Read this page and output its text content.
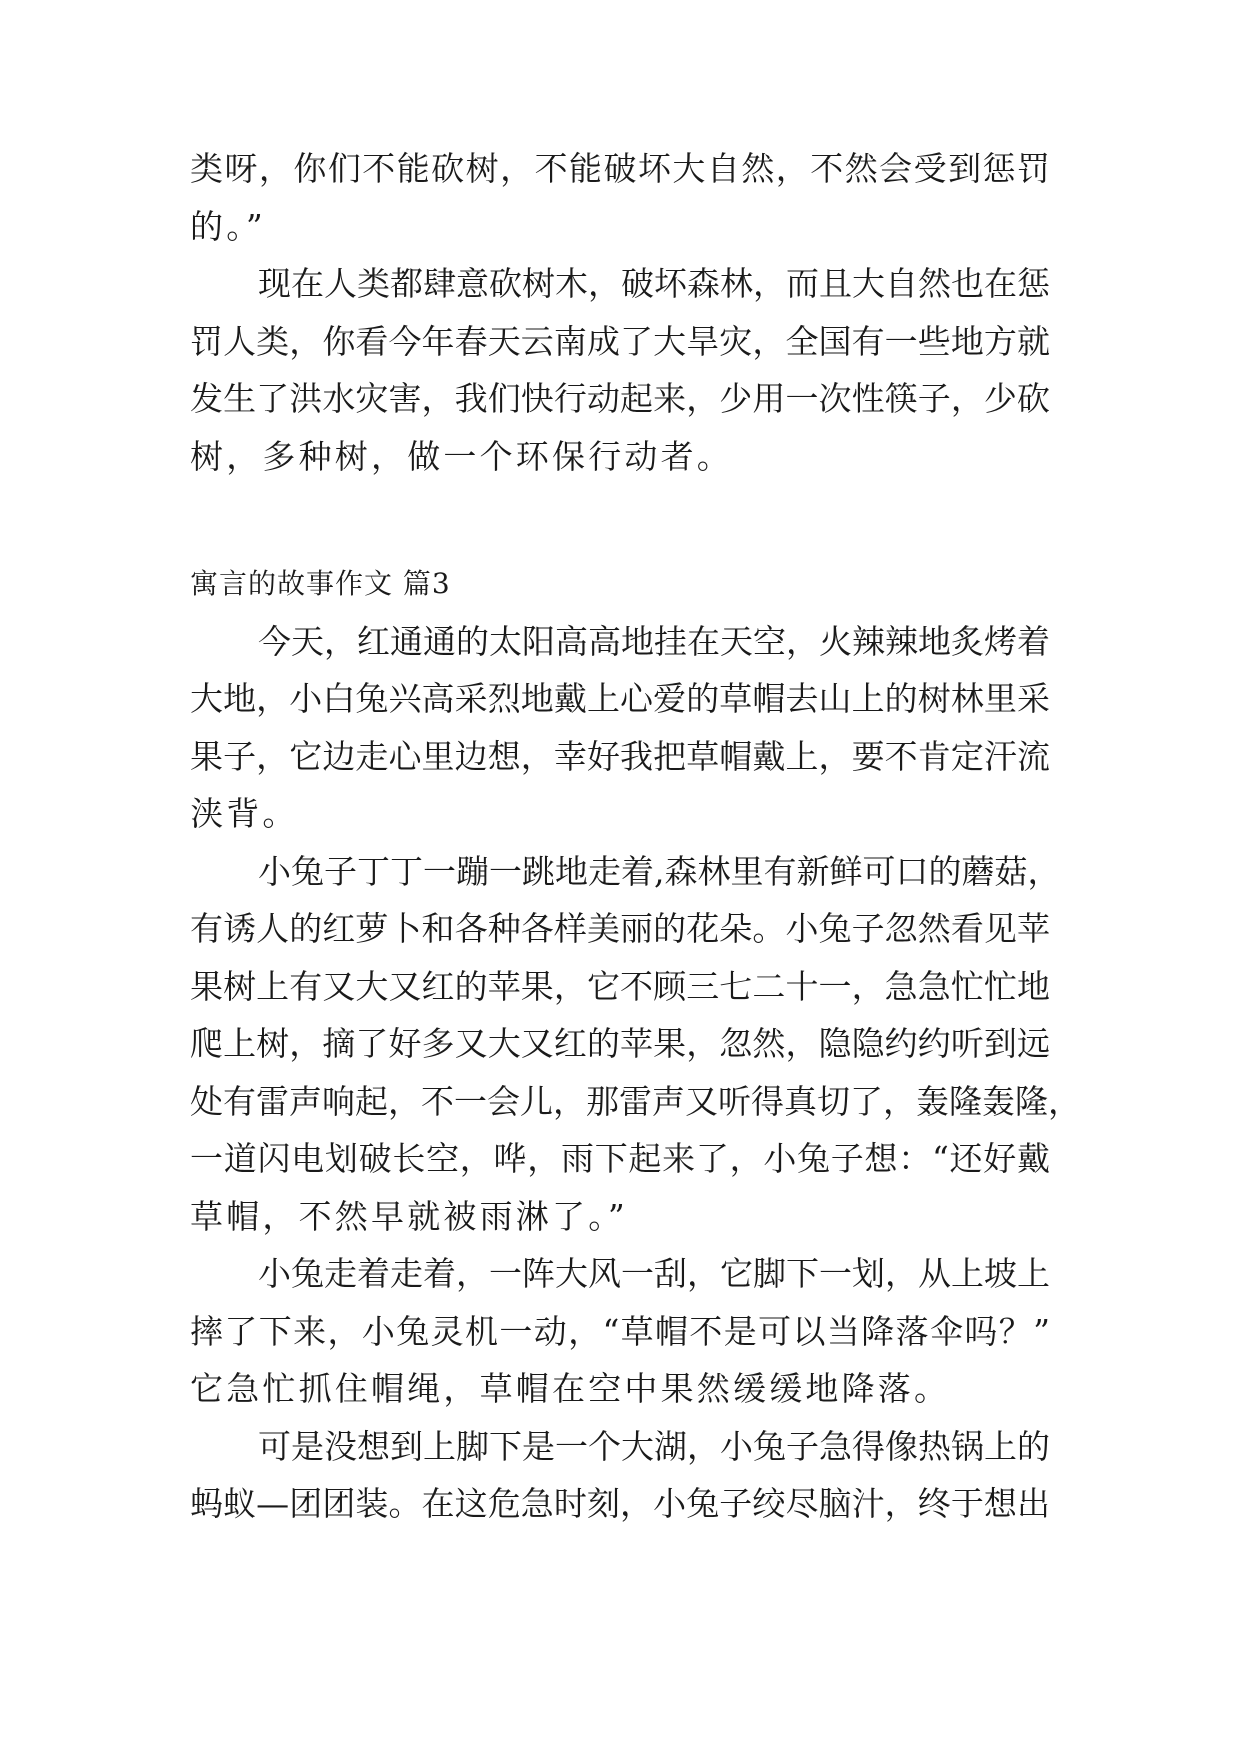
类呀，你们不能砍树，不能破坏大自然，不然会受到惩罚
的。”
现在人类都肆意砍树木，破坏森林，而且大自然也在惩
罚人类，你看今年春天云南成了大旱灾，全国有一些地方就
发生了洪水灾害，我们快行动起来，少用一次性筷子，少砍
树，多种树，做一个环保行动者。
寓言的故事作文 篇3
今天，红通通的太阳高高地挂在天空，火辣辣地炙烤着
大地，小白兔兴高采烈地戴上心爱的草帽去山上的树林里采
果子，它边走心里边想，幸好我把草帽戴上，要不肯定汗流
浃背。
小兔子丁丁一蹦一跳地走着,森林里有新鲜可口的蘑菇，
有诱人的红萝卜和各种各样美丽的花朵。小兔子忽然看见苹
果树上有又大又红的苹果，它不顾三七二十一，急急忙忙地
爬上树，摘了好多又大又红的苹果，忽然，隐隐约约听到远
处有雷声响起，不一会儿，那雷声又听得真切了，轰隆轰隆，
一道闪电划破长空，哗，雨下起来了，小兔子想：“还好戴
草帽，不然早就被雨淋了。”
小兔走着走着，一阵大风一刮，它脚下一划，从上坡上
摔了下来，小兔灵机一动，“草帽不是可以当降落伞吗？”
它急忙抓住帽绳，草帽在空中果然缓缓地降落。
可是没想到上脚下是一个大湖，小兔子急得像热锅上的
蚂蚁—团团装。在这危急时刻，小兔子绞尽脑汁，终于想出
